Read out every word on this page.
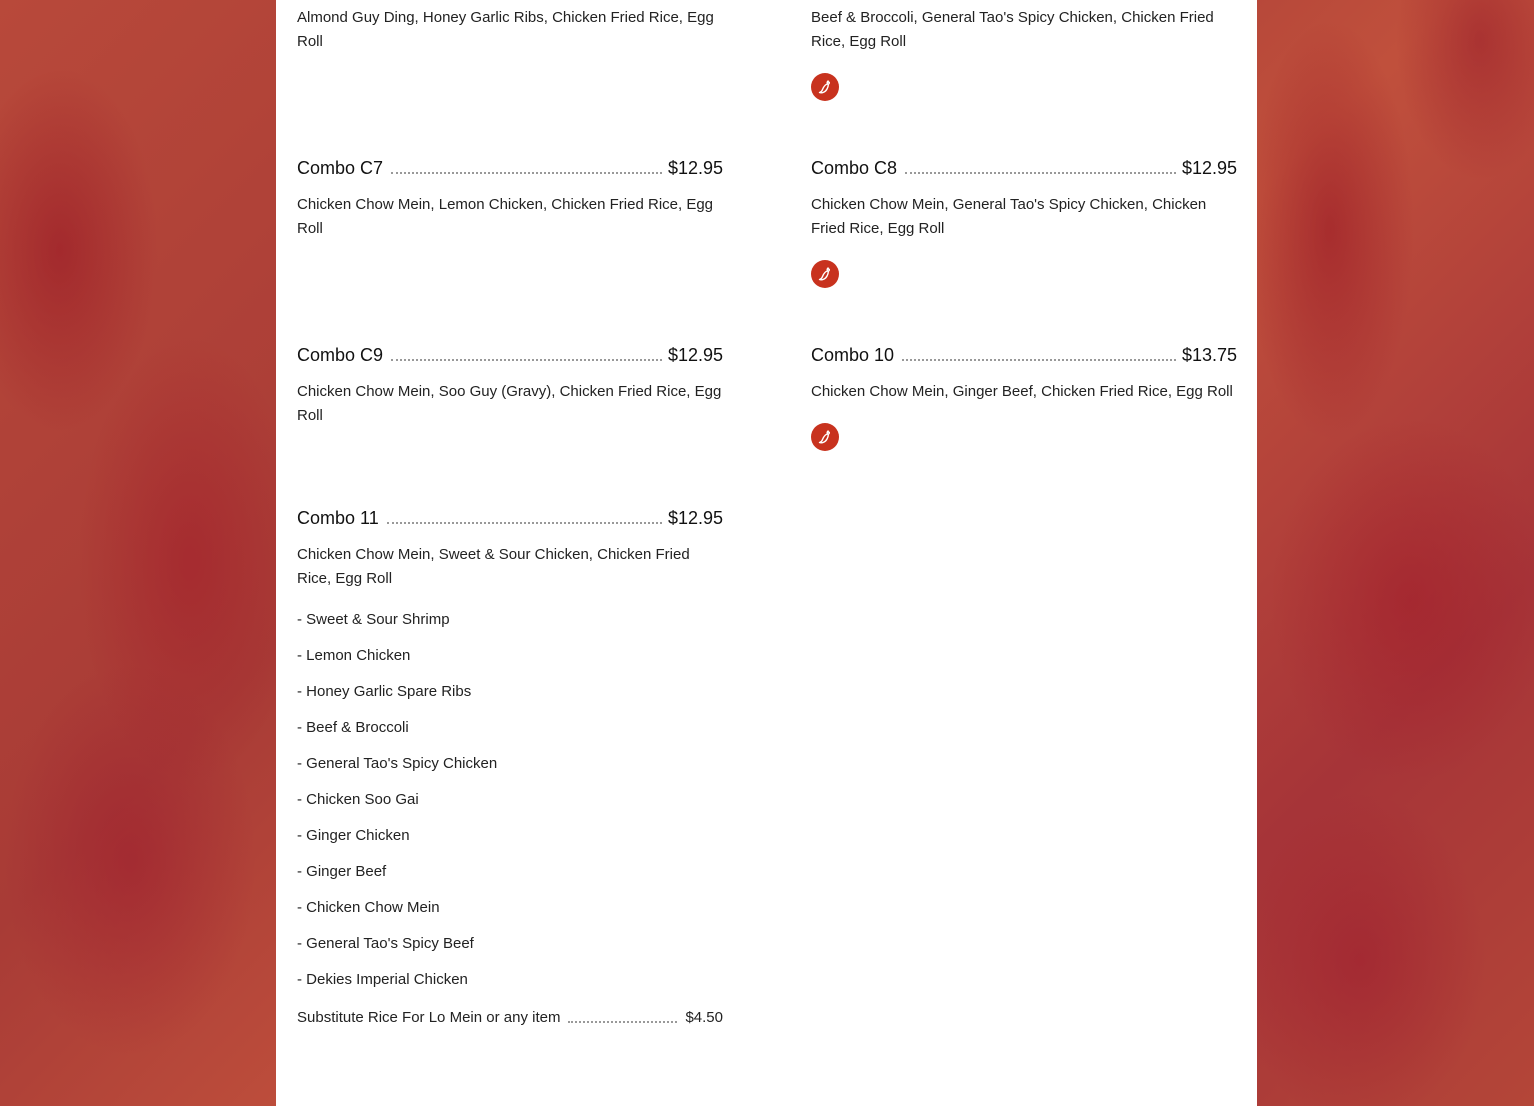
Almond Guy Ding, Honey Garlic Ribs, Chicken Fried Rice, Egg Roll

Combo C7	$12.95

Chicken Chow Mein, Lemon Chicken, Chicken Fried Rice, Egg Roll

Combo C9	$12.95

Chicken Chow Mein, Soo Guy (Gravy), Chicken Fried Rice, Egg Roll

Combo 11	$12.95

Chicken Chow Mein, Sweet & Sour Chicken, Chicken Fried Rice, Egg Roll

- Sweet & Sour Shrimp
- Lemon Chicken
- Honey Garlic Spare Ribs
- Beef & Broccoli
- General Tao's Spicy Chicken
- Chicken Soo Gai
- Ginger Chicken
- Ginger Beef
- Chicken Chow Mein
- General Tao's Spicy Beef
- Dekies Imperial Chicken
Substitute Rice For Lo Mein or any item	$4.50

Beef & Broccoli, General Tao's Spicy Chicken, Chicken Fried Rice, Egg Roll

Combo C8	$12.95

Chicken Chow Mein, General Tao's Spicy Chicken, Chicken Fried Rice, Egg Roll

Combo 10	$13.75

Chicken Chow Mein, Ginger Beef, Chicken Fried Rice, Egg Roll
